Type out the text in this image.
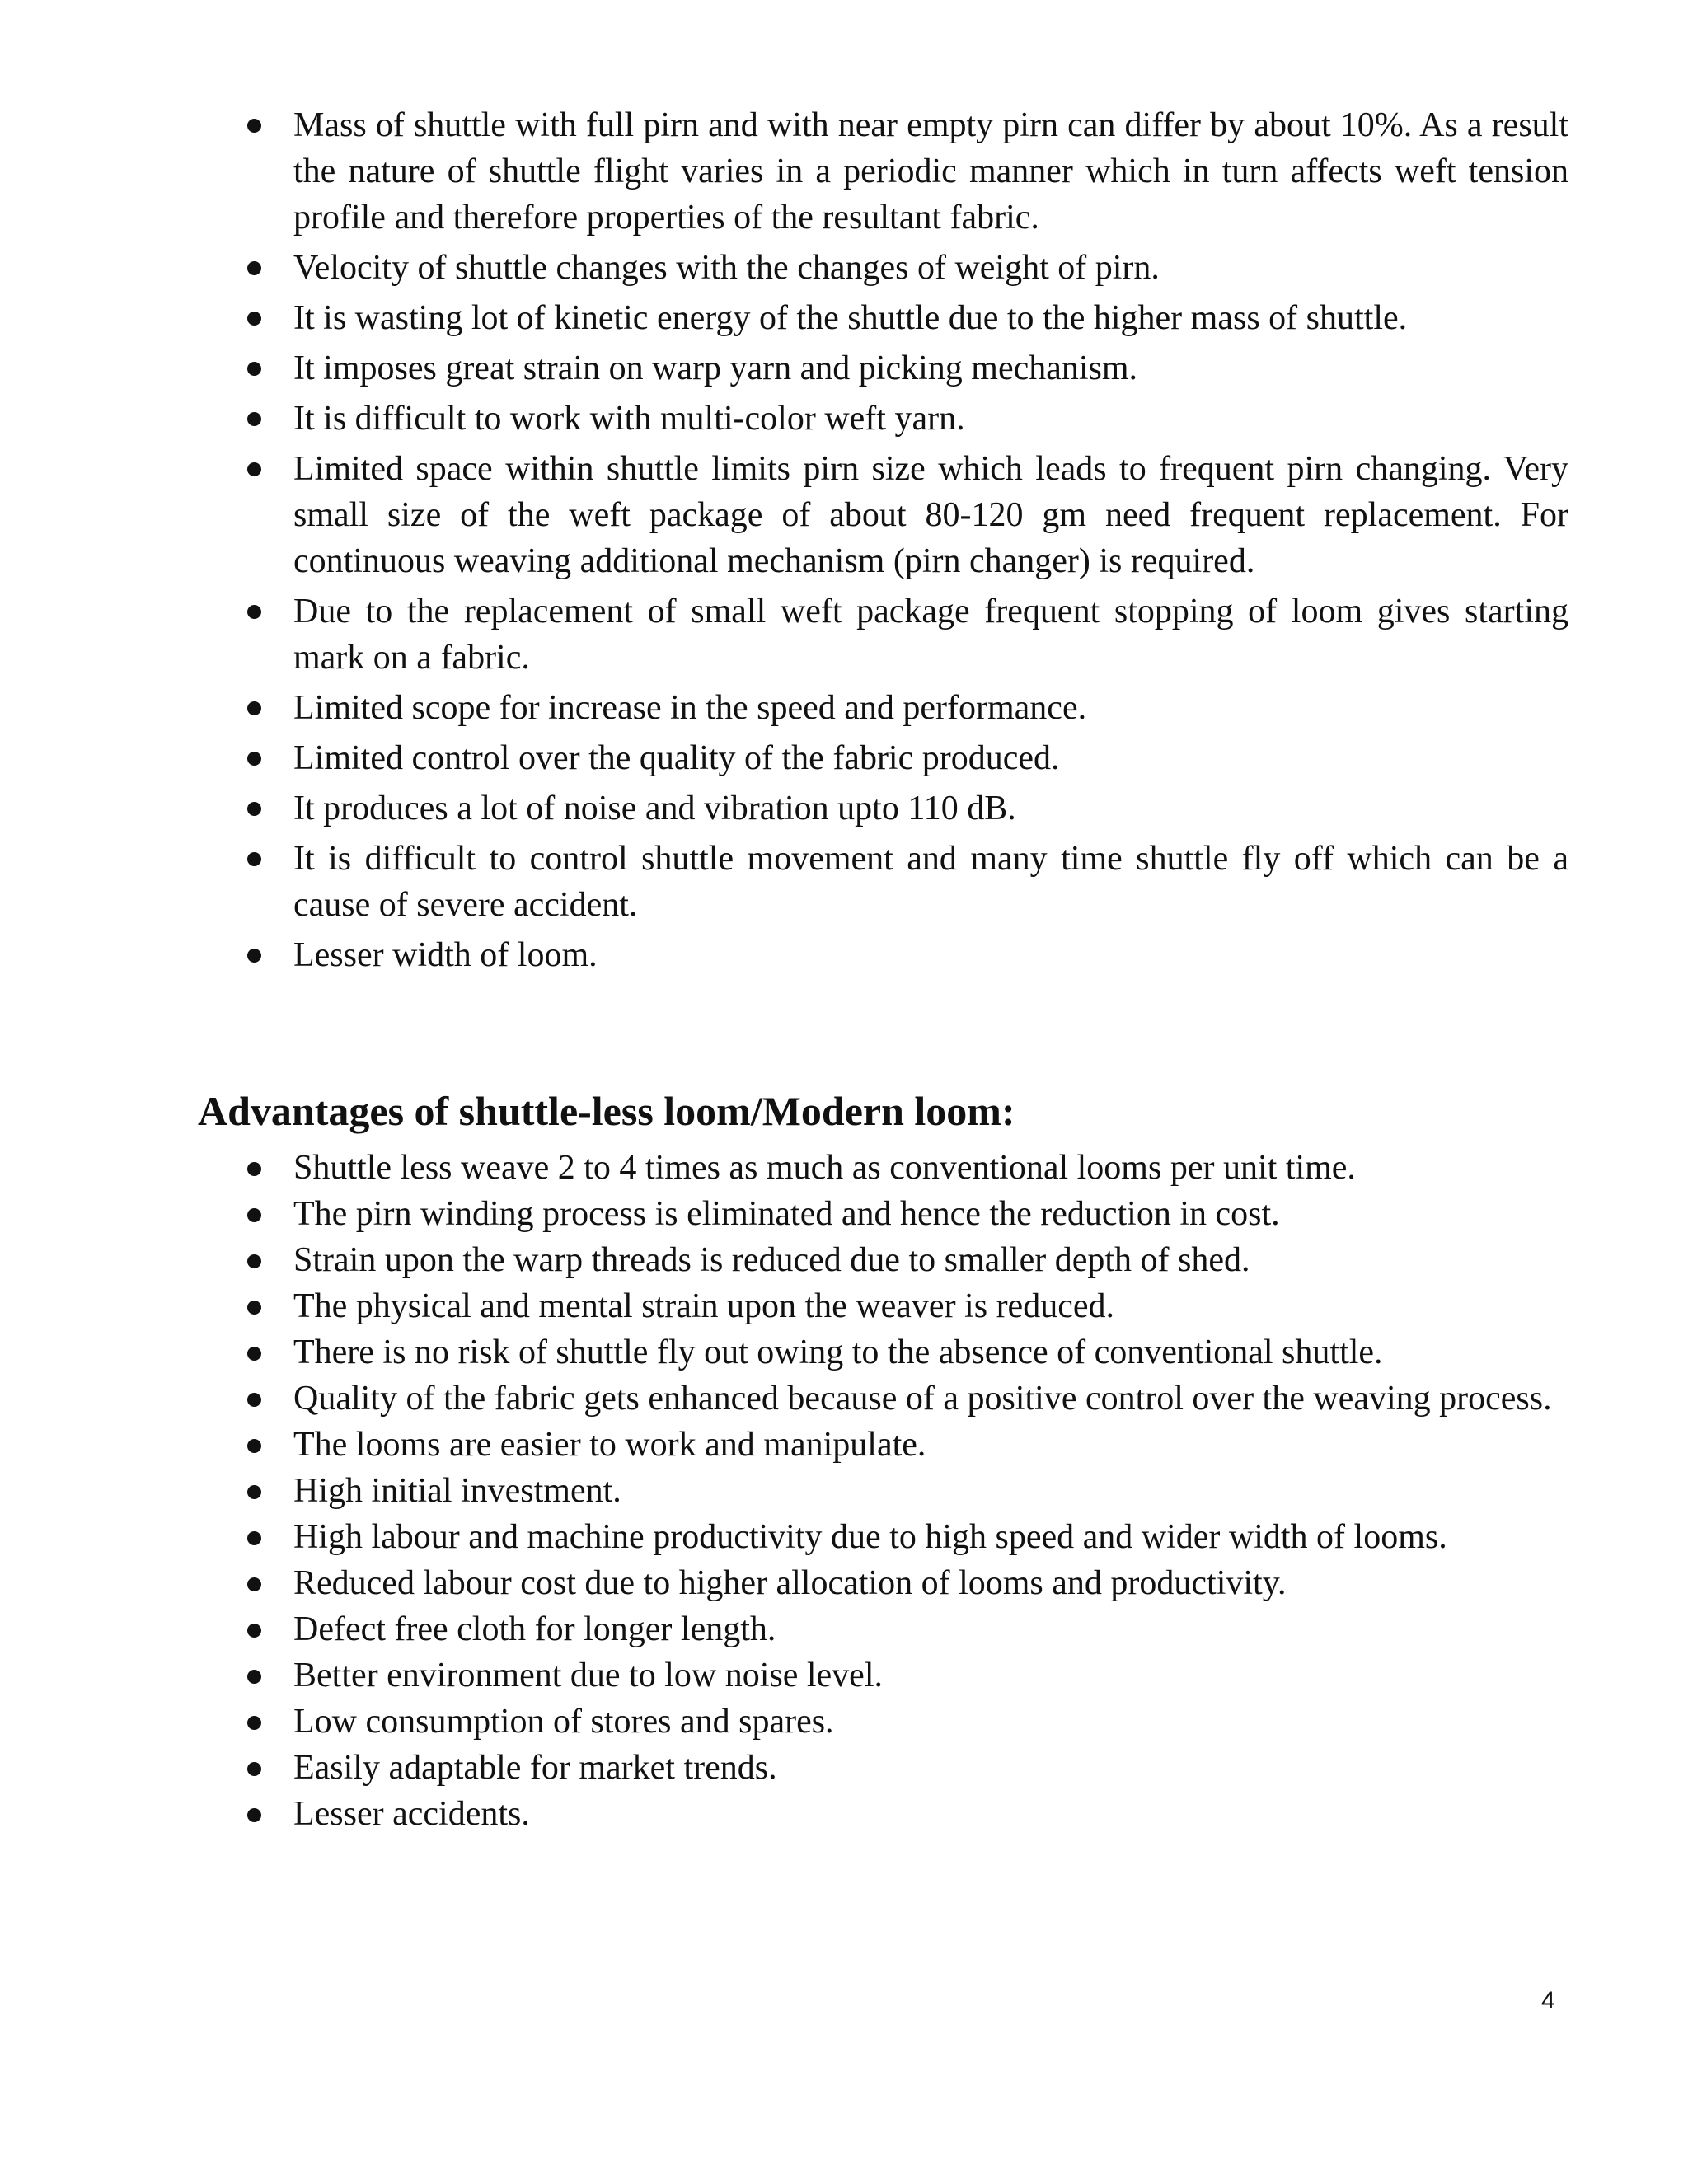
Mass of shuttle with full pirn and with near empty pirn can differ by about 10%. As a result the nature of shuttle flight varies in a periodic manner which in turn affects weft tension profile and therefore properties of the resultant fabric.
Velocity of shuttle changes with the changes of weight of pirn.
It is wasting lot of kinetic energy of the shuttle due to the higher mass of shuttle.
It imposes great strain on warp yarn and picking mechanism.
It is difficult to work with multi-color weft yarn.
Limited space within shuttle limits pirn size which leads to frequent pirn changing. Very small size of the weft package of about 80-120 gm need frequent replacement. For continuous weaving additional mechanism (pirn changer) is required.
Due to the replacement of small weft package frequent stopping of loom gives starting mark on a fabric.
Limited scope for increase in the speed and performance.
Limited control over the quality of the fabric produced.
It produces a lot of noise and vibration upto 110 dB.
It is difficult to control shuttle movement and many time shuttle fly off which can be a cause of severe accident.
Lesser width of loom.
Advantages of shuttle-less loom/Modern loom:
Shuttle less weave 2 to 4 times as much as conventional looms per unit time.
The pirn winding process is eliminated and hence the reduction in cost.
Strain upon the warp threads is reduced due to smaller depth of shed.
The physical and mental strain upon the weaver is reduced.
There is no risk of shuttle fly out owing to the absence of conventional shuttle.
Quality of the fabric gets enhanced because of a positive control over the weaving process.
The looms are easier to work and manipulate.
High initial investment.
High labour and machine productivity due to high speed and wider width of looms.
Reduced labour cost due to higher allocation of looms and productivity.
Defect free cloth for longer length.
Better environment due to low noise level.
Low consumption of stores and spares.
Easily adaptable for market trends.
Lesser accidents.
4
